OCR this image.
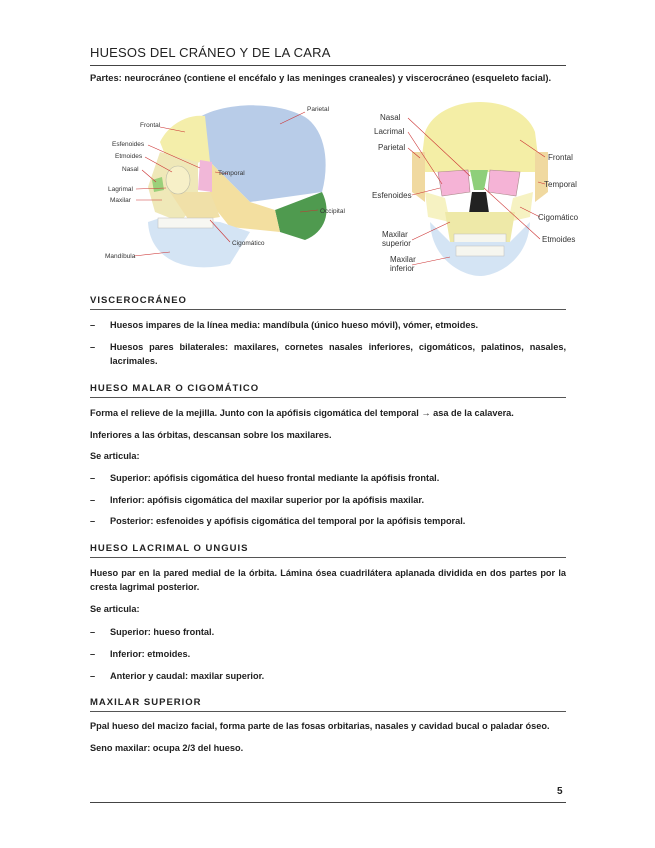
HUESOS DEL CRÁNEO Y DE LA CARA
Partes: neurocráneo (contiene el encéfalo y las meninges craneales) y viscerocráneo (esqueleto facial).
Parietal
Frontal
Esfenoides
Etmoides
Nasal
Temporal
Lagrimal
Maxilar
Occipital
Cigomático
Mandíbula
Nasal
Lacrimal
Parietal
Esfenoides
Maxilar
superior
Maxilar
inferior
Frontal
Temporal
Cigomático
Etmoides
VISCEROCRÁNEO
–	Huesos impares de la línea media: mandíbula (único hueso móvil), vómer, etmoides.
–	Huesos pares bilaterales: maxilares, cornetes nasales inferiores, cigomáticos, palatinos, nasales, lacrimales.
HUESO MALAR O CIGOMÁTICO
Forma el relieve de la mejilla. Junto con la apófisis cigomática del temporal → asa de la calavera.
Inferiores a las órbitas, descansan sobre los maxilares.
Se articula:
–	Superior: apófisis cigomática del hueso frontal mediante la apófisis frontal.
–	Inferior: apófisis cigomática del maxilar superior por la apófisis maxilar.
–	Posterior: esfenoides y apófisis cigomática del temporal por la apófisis temporal.
HUESO LACRIMAL O UNGUIS
Hueso par en la pared medial de la órbita. Lámina ósea cuadrilátera aplanada dividida en dos partes por la cresta lagrimal posterior.
Se articula:
–	Superior: hueso frontal.
–	Inferior: etmoides.
–	Anterior y caudal: maxilar superior.
MAXILAR SUPERIOR
Ppal hueso del macizo facial, forma parte de las fosas orbitarias, nasales y cavidad bucal o paladar óseo.
Seno maxilar: ocupa 2/3 del hueso.
5
